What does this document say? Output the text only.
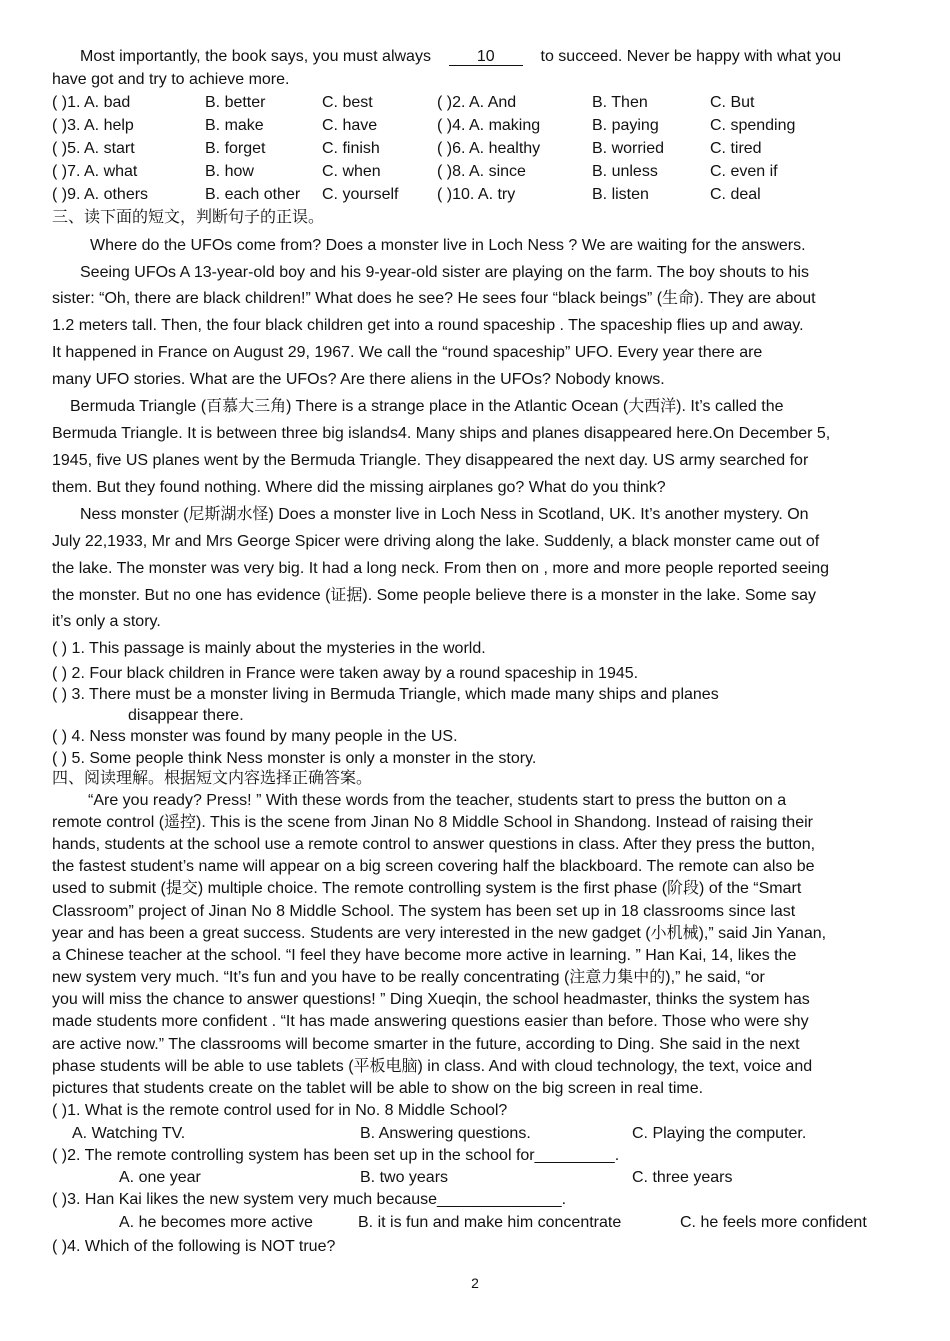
Most importantly, the book says, you must always	10	to succeed. Never be happy with what you
have got and try to achieve more.
( )1. A. bad	B. better	C. best	( )2. A. And	B. Then	C. But
( )3. A. help	B. make	C. have	( )4. A. making	B. paying	C. spending
( )5. A. start	B. forget	C. finish	( )6. A. healthy	B. worried	C. tired
( )7. A. what	B. how	C. when	( )8. A. since	B. unless	C. even if
( )9. A. others	B. each other C. yourself ( )10. A. try	B. listen	C. deal
三、读下面的短文，判断句子的正误。
Where do the UFOs come from? Does a monster live in Loch Ness ? We are waiting for the answers.
Seeing UFOs A 13-year-old boy and his 9-year-old sister are playing on the farm. The boy shouts to his
sister: “Oh, there are black children!” What does he see? He sees four “black beings” (生命). They are about
1.2 meters tall. Then, the four black children get into a round spaceship . The spaceship flies up and away.
It happened in France on August 29, 1967. We call the “round spaceship” UFO. Every year there are
many UFO stories. What are the UFOs? Are there aliens in the UFOs? Nobody knows.
Bermuda Triangle (百慕大三角) There is a strange place in the Atlantic Ocean (大西洋). It’s called the
Bermuda Triangle. It is between three big islands4. Many ships and planes disappeared here.On December 5,
1945, five US planes went by the Bermuda Triangle. They disappeared the next day. US army searched for
them. But they found nothing. Where did the missing airplanes go? What do you think?
Ness monster (尼斯湖水怪) Does a monster live in Loch Ness in Scotland, UK. It’s another mystery. On
July 22,1933, Mr and Mrs George Spicer were driving along the lake. Suddenly, a black monster came out of
the lake. The monster was very big. It had a long neck. From then on , more and more people reported seeing
the monster. But no one has evidence (证据). Some people believe there is a monster in the lake. Some say
it’s only a story.
( ) 1. This passage is mainly about the mysteries in the world.
( ) 2. Four black children in France were taken away by a round spaceship in 1945.
( ) 3. There must be a monster living in Bermuda Triangle, which made many ships and planes
disappear there.
( ) 4. Ness monster was found by many people in the US.
( ) 5. Some people think Ness monster is only a monster in the story.
四、阅读理解。根据短文内容选择正确答案。
“Are you ready? Press! ” With these words from the teacher, students start to press the button on a
remote control (遥控). This is the scene from Jinan No 8 Middle School in Shandong. Instead of raising their
hands, students at the school use a remote control to answer questions in class. After they press the button,
the fastest student’s name will appear on a big screen covering half the blackboard. The remote can also be
used to submit (提交) multiple choice. The remote controlling system is the first phase (阶段) of the “Smart
Classroom” project of Jinan No 8 Middle School. The system has been set up in 18 classrooms since last
year and has been a great success. Students are very interested in the new gadget (小机械),” said Jin Yanan,
a Chinese teacher at the school. “I feel they have become more active in learning. ” Han Kai, 14, likes the
new system very much. “It’s fun and you have to be really concentrating (注意力集中的),” he said, “or
you will miss the chance to answer questions! ” Ding Xueqin, the school headmaster, thinks the system has
made students more confident . “It has made answering questions easier than before. Those who were shy
are active now.” The classrooms will become smarter in the future, according to Ding. She said in the next
phase students will be able to use tablets (平板电脑) in class. And with cloud technology, the text, voice and
pictures that students create on the tablet will be able to show on the big screen in real time.
( )1. What is the remote control used for in No. 8 Middle School?
A. Watching TV.	B. Answering questions.	C. Playing the computer.
( )2. The remote controlling system has been set up in the school for_________.
A. one year	B. two years	C. three years
( )3. Han Kai likes the new system very much because______________.
A. he becomes more active	B. it is fun and make him concentrate	C. he feels more confident
( )4. Which of the following is NOT true?
2
